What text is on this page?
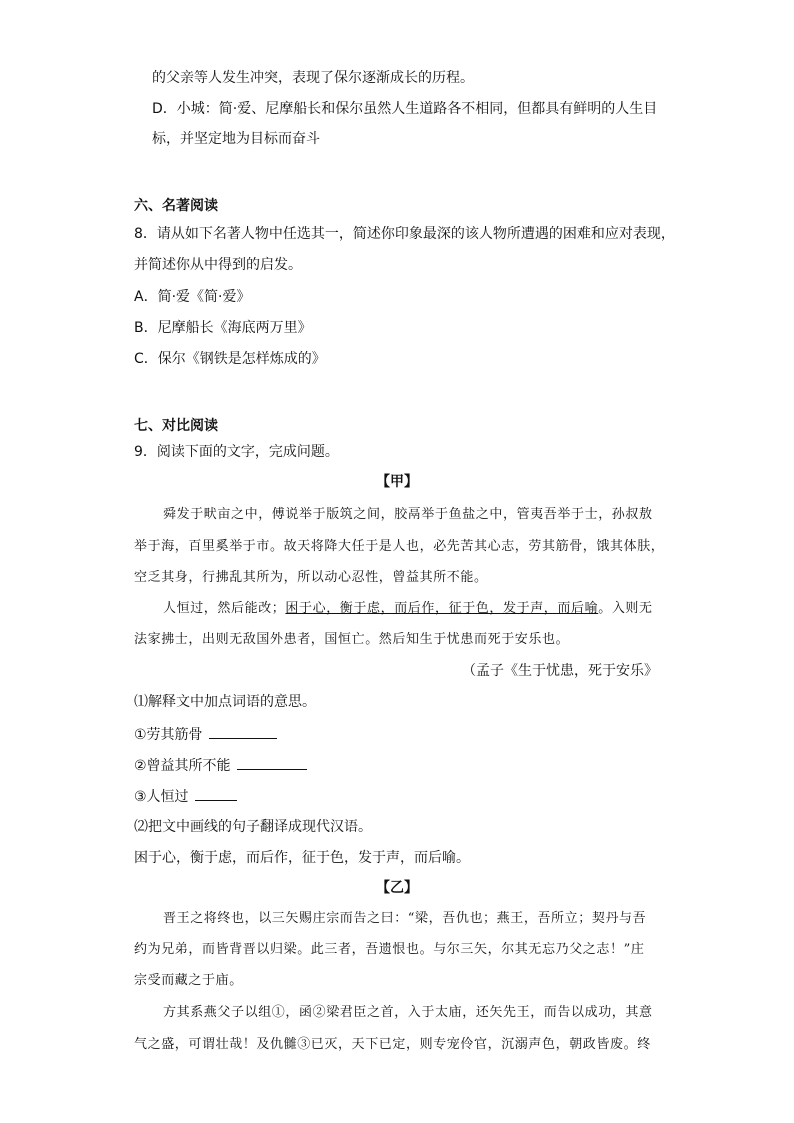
的父亲等人发生冲突，表现了保尔逐渐成长的历程。
D．小城：简·爱、尼摩船长和保尔虽然人生道路各不相同，但都具有鲜明的人生目
标，并坚定地为目标而奋斗
六、名著阅读
8．请从如下名著人物中任选其一，简述你印象最深的该人物所遭遇的困难和应对表现，
并简述你从中得到的启发。
A．简·爱《简·爱》
B．尼摩船长《海底两万里》
C．保尔《钢铁是怎样炼成的》
七、对比阅读
9．阅读下面的文字，完成问题。
【甲】
舜发于畎亩之中，傅说举于版筑之间，胶鬲举于鱼盐之中，管夷吾举于士，孙叔敖
举于海，百里奚举于市。故天将降大任于是人也，必先苦其心志，劳其筋骨，饿其体肤，
空乏其身，行拂乱其所为，所以动心忍性，曾益其所不能。
人恒过，然后能改；困于心，衡于虑，而后作，征于色，发于声，而后喻。入则无
法家拂士，出则无敌国外患者，国恒亡。然后知生于忧患而死于安乐也。
（孟子《生于忧患，死于安乐》
⑴解释文中加点词语的意思。
①劳其筋骨
②曾益其所不能
③人恒过
⑵把文中画线的句子翻译成现代汉语。
困于心，衡于虑，而后作，征于色，发于声，而后喻。
【乙】
晋王之将终也，以三矢赐庄宗而告之曰：“梁，吾仇也；燕王，吾所立；契丹与吾
约为兄弟，而皆背晋以归梁。此三者，吾遗恨也。与尔三矢，尔其无忘乃父之志！”庄
宗受而藏之于庙。
方其系燕父子以组①，函②梁君臣之首，入于太庙，还矢先王，而告以成功，其意
气之盛，可谓壮哉！及仇雠③已灭，天下已定，则专宠伶官，沉溺声色，朝政皆废。终
